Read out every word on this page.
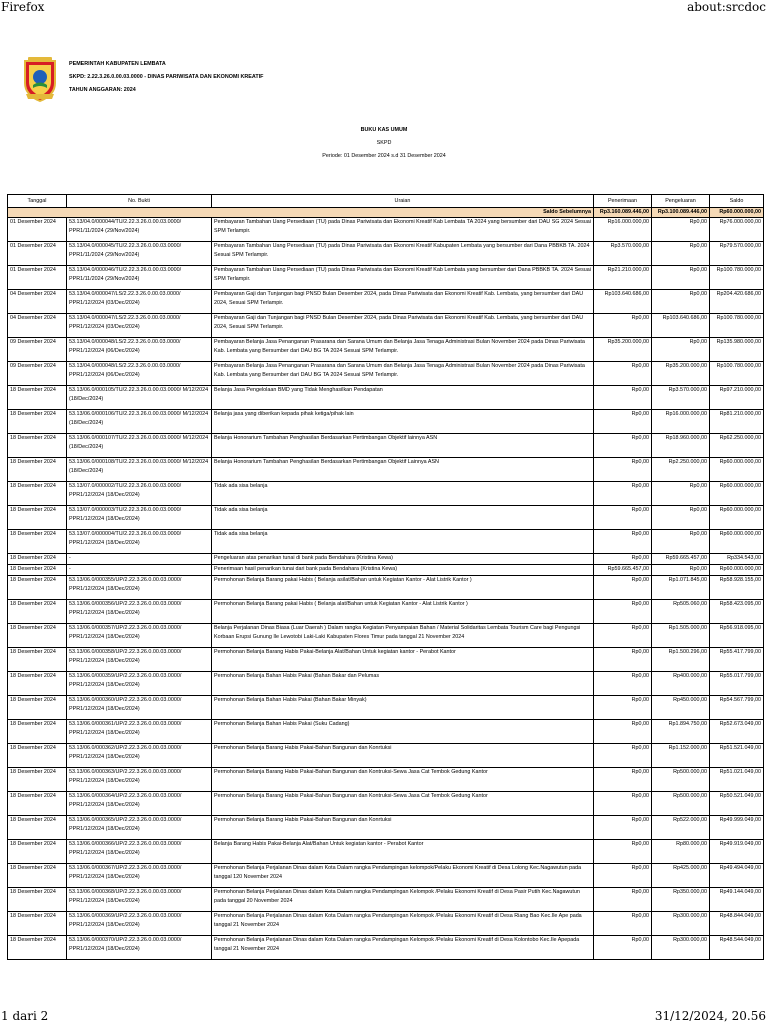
Firefox	about:srcdoc
PEMERINTAH KABUPATEN LEMBATA
SKPD: 2.22.3.26.0.00.03.0000 - DINAS PARIWISATA DAN EKONOMI KREATIF
TAHUN ANGGARAN: 2024
BUKU KAS UMUM
SKPD
Periode: 01 Desember 2024 s.d 31 Desember 2024
Tanggal	No. Bukti	Uraian	Penerimaan	Pengeluaran	Saldo
Saldo Sebelumnya			Rp3.160.089.446,00	Rp3.100.089.446,00	Rp60.000.000,00
01 Desember 2024	53.13/04.0/000044/TU/2.22.3.26.0.00.03.0000/ PPR1/11/2024 (29/Nov/2024)	Pembayaran Tambahan Uang Persediaan (TU) pada Dinas Pariwisata dan Ekonomi Kreatif Kab Lembata TA 2024 yang bersumber dari DAU SG 2024 Sesuai SPM Terlampir.	Rp16.000.000,00	Rp0,00	Rp76.000.000,00
01 Desember 2024	53.13/04.0/000045/TU/2.22.3.26.0.00.03.0000/ PPR1/11/2024 (29/Nov/2024)	Pembayaran Tambahan Uang Persediaan (TU) pada Dinas Pariwisata dan Ekonomi Kreatif Kabupaten Lembata yang bersumber dari Dana PBBKB TA. 2024 Sesuai SPM Terlampir.	Rp3.570.000,00	Rp0,00	Rp79.570.000,00
01 Desember 2024	53.13/04.0/000046/TU/2.22.3.26.0.00.03.0000/ PPR1/11/2024 (29/Nov/2024)	Pembayaran Tambahan Uang Persediaan (TU) pada Dinas Pariwisata dan Ekonomi Kreatif Kab Lembata yang bersumber dari Dana PBBKB TA. 2024 Sesuai SPM Terlampir.	Rp21.210.000,00	Rp0,00	Rp100.780.000,00
04 Desember 2024	53.13/04.0/000047/LS/2.22.3.26.0.00.03.0000/ PPR1/12/2024 (03/Dec/2024)	Pembayaran Gaji dan Tunjangan bagi PNSD Bulan Desember 2024, pada Dinas Pariwisata dan Ekonomi Kreatif Kab. Lembata, yang bersumber dari DAU 2024, Sesuai SPM Terlampir.	Rp103.640.686,00	Rp0,00	Rp204.420.686,00
04 Desember 2024	53.13/04.0/000047/LS/2.22.3.26.0.00.03.0000/ PPR1/12/2024 (03/Dec/2024)	Pembayaran Gaji dan Tunjangan bagi PNSD Bulan Desember 2024, pada Dinas Pariwisata dan Ekonomi Kreatif Kab. Lembata, yang bersumber dari DAU 2024, Sesuai SPM Terlampir.	Rp0,00	Rp103.640.686,00	Rp100.780.000,00
09 Desember 2024	53.13/04.0/000048/LS/2.22.3.26.0.00.03.0000/ PPR1/12/2024 (06/Dec/2024)	Pembayaran Belanja Jasa Penanganan Prasarana dan Sarana Umum dan Belanja Jasa Tenaga Administrasi Bulan November 2024 pada Dinas Pariwisata Kab. Lembata yang Bersumber dari DAU BG TA 2024 Sesuai SPM Terlampir.	Rp35.200.000,00	Rp0,00	Rp135.980.000,00
09 Desember 2024	53.13/04.0/000048/LS/2.22.3.26.0.00.03.0000/ PPR1/12/2024 (06/Dec/2024)	Pembayaran Belanja Jasa Penanganan Prasarana dan Sarana Umum dan Belanja Jasa Tenaga Administrasi Bulan November 2024 pada Dinas Pariwisata Kab. Lembata yang Bersumber dari DAU BG TA 2024 Sesuai SPM Terlampir.	Rp0,00	Rp35.200.000,00	Rp100.780.000,00
18 Desember 2024	53.13/06.0/000105/TU/2.22.3.26.0.00.03.0000/ M/12/2024 (18/Dec/2024)	Belanja Jasa Pengelolaan BMD yang Tidak Menghasilkan Pendapatan	Rp0,00	Rp3.570.000,00	Rp97.210.000,00
18 Desember 2024	53.13/06.0/000106/TU/2.22.3.26.0.00.03.0000/ M/12/2024 (18/Dec/2024)	Belanja jasa yang diberikan kepada pihak ketiga/pihak lain	Rp0,00	Rp16.000.000,00	Rp81.210.000,00
18 Desember 2024	53.13/06.0/000107/TU/2.22.3.26.0.00.03.0000/ M/12/2024 (18/Dec/2024)	Belanja Honorarium Tambahan Penghasilan Berdasarkan Pertimbangan Objektif lainnya ASN	Rp0,00	Rp18.960.000,00	Rp62.250.000,00
18 Desember 2024	53.13/06.0/000108/TU/2.22.3.26.0.00.03.0000/ M/12/2024 (18/Dec/2024)	Belanja Honorarium Tambahan Penghasilan Berdasarkan Pertimbangan Objektif Lainnya ASN	Rp0,00	Rp2.250.000,00	Rp60.000.000,00
18 Desember 2024	53.13/07.0/000002/TU/2.22.3.26.0.00.03.0000/ PPR1/12/2024 (18/Dec/2024)	Tidak ada sisa belanja	Rp0,00	Rp0,00	Rp60.000.000,00
18 Desember 2024	53.13/07.0/000003/TU/2.22.3.26.0.00.03.0000/ PPR1/12/2024 (18/Dec/2024)	Tidak ada sisa belanja	Rp0,00	Rp0,00	Rp60.000.000,00
18 Desember 2024	53.13/07.0/000004/TU/2.22.3.26.0.00.03.0000/ PPR1/12/2024 (18/Dec/2024)	Tidak ada sisa belanja	Rp0,00	Rp0,00	Rp60.000.000,00
18 Desember 2024	-	Pengeluaran atas penarikan tunai di bank pada Bendahara (Kristina Kewa)	Rp0,00	Rp59.665.457,00	Rp334.543,00
18 Desember 2024	-	Penerimaan hasil penarikan tunai dari bank pada Bendahara (Kristina Kewa)	Rp59.665.457,00	Rp0,00	Rp60.000.000,00
18 Desember 2024	53.13/06.0/000355/UP/2.22.3.26.0.00.03.0000/ PPR1/12/2024 (18/Dec/2024)	Permohonan Belanja Barang pakai Habis ( Belanja asilat/Bahan untuk Kegiatan Kantor - Alat Listrik Kantor )	Rp0,00	Rp1.071.845,00	Rp58.928.155,00
18 Desember 2024	53.13/06.0/000356/UP/2.22.3.26.0.00.03.0000/ PPR1/12/2024 (18/Dec/2024)	Permohonan Belanja Barang pakai Habis ( Belanja alat/Bahan untuk Kegiatan Kantor - Alat Listrik Kantor )	Rp0,00	Rp505.060,00	Rp58.423.095,00
18 Desember 2024	53.13/06.0/000357/UP/2.22.3.26.0.00.03.0000/ PPR1/12/2024 (18/Dec/2024)	Belanja Perjalanan Dinas Biasa (Luar Daerah ) Dalam rangka Kegiatan Penyampaian Bahan / Material Solidaritas Lembata Tourism Care bagi Pengungsi Korbaan Erupsi Gunung Ile Lewotobi Laki-Laki Kabupaten Flores Timur pada tanggal 21 November 2024	Rp0,00	Rp1.505.000,00	Rp56.918.095,00
18 Desember 2024	53.13/06.0/000358/UP/2.22.3.26.0.00.03.0000/ PPR1/12/2024 (18/Dec/2024)	Permohonan Belanja Barang Habis Pakai-Belanja Alat/Bahan Untuk kegiatan kantor - Perabot Kantor	Rp0,00	Rp1.500.296,00	Rp55.417.799,00
18 Desember 2024	53.13/06.0/000359/UP/2.22.3.26.0.00.03.0000/ PPR1/12/2024 (18/Dec/2024)	Permohonan Belanja Bahan Habis Pakai (Bahan Bakar dan Pelumas	Rp0,00	Rp400.000,00	Rp55.017.799,00
18 Desember 2024	53.13/06.0/000360/UP/2.22.3.26.0.00.03.0000/ PPR1/12/2024 (18/Dec/2024)	Permohonan Belanja Bahan Habis Pakai (Bahan Bakar Minyak)	Rp0,00	Rp450.000,00	Rp54.567.799,00
18 Desember 2024	53.13/06.0/000361/UP/2.22.3.26.0.00.03.0000/ PPR1/12/2024 (18/Dec/2024)	Permohonan Belanja Bahan Habis Pakai (Suku Cadang)	Rp0,00	Rp1.894.750,00	Rp52.673.049,00
18 Desember 2024	53.13/06.0/000362/UP/2.22.3.26.0.00.03.0000/ PPR1/12/2024 (18/Dec/2024)	Permohonan Belanja Barang Habis Pakai-Bahan Bangunan dan Konrtuksi	Rp0,00	Rp1.152.000,00	Rp51.521.049,00
18 Desember 2024	53.13/06.0/000363/UP/2.22.3.26.0.00.03.0000/ PPR1/12/2024 (18/Dec/2024)	Permohonan Belanja Barang Habis Pakai-Bahan Bangunan dan Kontruksi-Sewa Jasa Cat Tembok Gedung Kantor	Rp0,00	Rp500.000,00	Rp51.021.049,00
18 Desember 2024	53.13/06.0/000364/UP/2.22.3.26.0.00.03.0000/ PPR1/12/2024 (18/Dec/2024)	Permohonan Belanja Barang Habis Pakai-Bahan Bangunan dan Kontruksi-Sewa Jasa Cat Tembok Gedung Kantor	Rp0,00	Rp500.000,00	Rp50.521.049,00
18 Desember 2024	53.13/06.0/000365/UP/2.22.3.26.0.00.03.0000/ PPR1/12/2024 (18/Dec/2024)	Permohonan Belanja Barang Habis Pakai-Bahan Bangunan dan Konrtuksi	Rp0,00	Rp522.000,00	Rp49.999.049,00
18 Desember 2024	53.13/06.0/000366/UP/2.22.3.26.0.00.03.0000/ PPR1/12/2024 (18/Dec/2024)	Belanja Barang Habis Pakai-Belanja Alat/Bahan Untuk kegiatan kantor - Perabot Kantor	Rp0,00	Rp80.000,00	Rp49.919.049,00
18 Desember 2024	53.13/06.0/000367/UP/2.22.3.26.0.00.03.0000/ PPR1/12/2024 (18/Dec/2024)	Permohonan Belanja Perjalanan Dinas dalam Kota Dalam rangka Pendampingan kelompok/Pelaku Ekonomi Kreatif di Desa Lolong Kec.Nagawutun pada tanggal 120 November 2024	Rp0,00	Rp425.000,00	Rp49.494.049,00
18 Desember 2024	53.13/06.0/000368/UP/2.22.3.26.0.00.03.0000/ PPR1/12/2024 (18/Dec/2024)	Permohonan Belanja Perjalanan Dinas dalam Kota Dalam rangka Pendampingan Kelompok /Pelaku Ekonomi Kreatif di Desa Pasir Putih Kec.Nagawutun pada tanggal 20 November 2024	Rp0,00	Rp350.000,00	Rp49.144.049,00
18 Desember 2024	53.13/06.0/000369/UP/2.22.3.26.0.00.03.0000/ PPR1/12/2024 (18/Dec/2024)	Permohonan Belanja Perjalanan Dinas dalam Kota Dalam rangka Pendampingan Kelompok /Pelaku Ekonomi Kreatif di Desa Riang Bao Kec.Ile Ape pada tanggal 21 November 2024	Rp0,00	Rp300.000,00	Rp48.844.049,00
18 Desember 2024	53.13/06.0/000370/UP/2.22.3.26.0.00.03.0000/ PPR1/12/2024 (18/Dec/2024)	Permohonan Belanja Perjalanan Dinas dalam Kota Dalam rangka Pendampingan Kelompok /Pelaku Ekonomi Kreatif di Desa Kolontobo Kec.Ile Apepada tanggal 21 November 2024	Rp0,00	Rp300.000,00	Rp48.544.049,00
1 dari 2	31/12/2024, 20.56
